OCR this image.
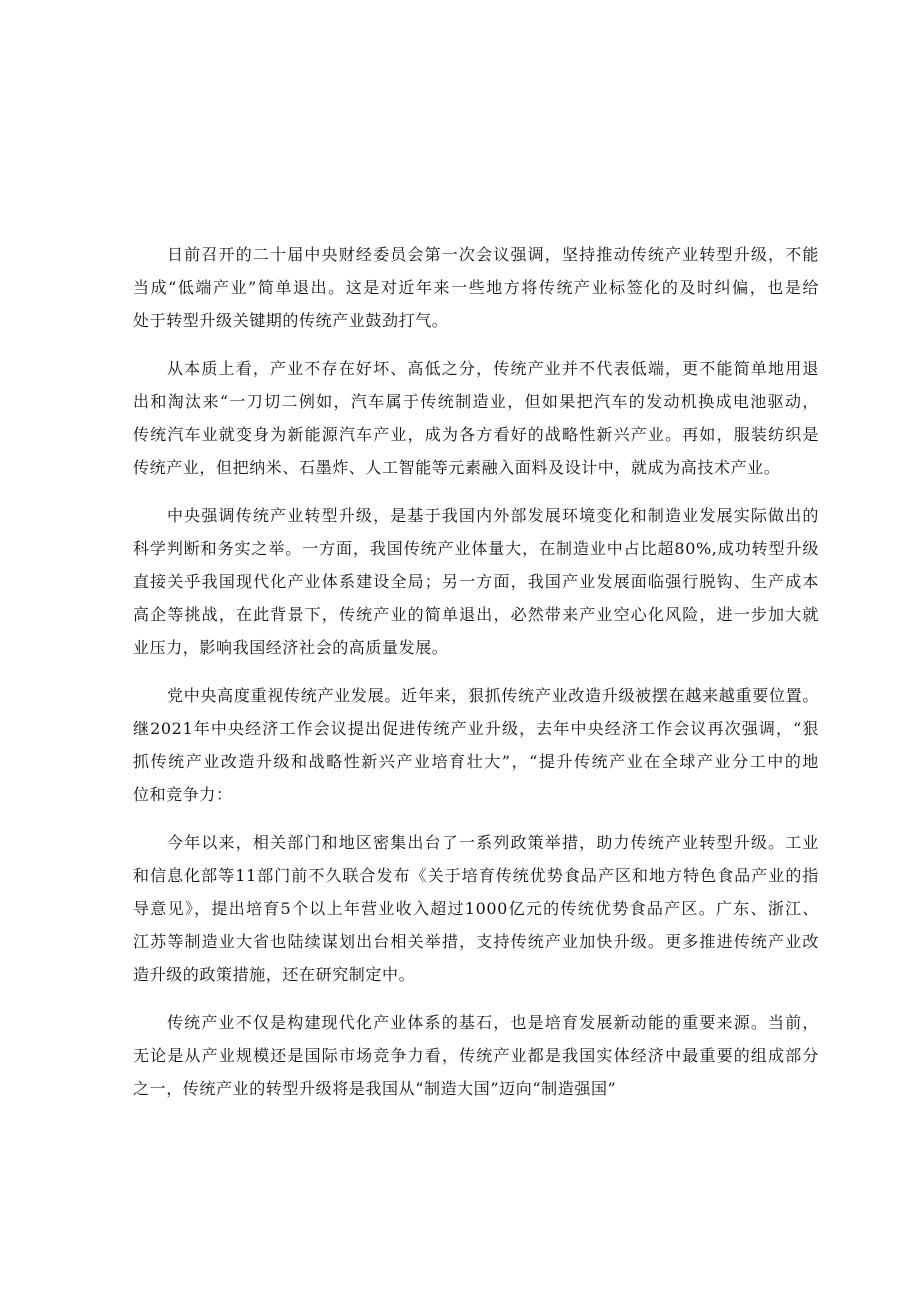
日前召开的二十届中央财经委员会第一次会议强调，坚持推动传统产业转型升级，不能
当成“低端产业”简单退出。这是对近年来一些地方将传统产业标签化的及时纠偏，也是给
处于转型升级关键期的传统产业鼓劲打气。
从本质上看，产业不存在好坏、高低之分，传统产业并不代表低端，更不能简单地用退
出和淘汰来“一刀切二例如，汽车属于传统制造业，但如果把汽车的发动机换成电池驱动，
传统汽车业就变身为新能源汽车产业，成为各方看好的战略性新兴产业。再如，服装纺织是
传统产业，但把纳米、石墨炸、人工智能等元素融入面料及设计中，就成为高技术产业。
中央强调传统产业转型升级，是基于我国内外部发展环境变化和制造业发展实际做出的
科学判断和务实之举。一方面，我国传统产业体量大，在制造业中占比超80%,成功转型升级
直接关乎我国现代化产业体系建设全局；另一方面，我国产业发展面临强行脱钩、生产成本
高企等挑战，在此背景下，传统产业的简单退出，必然带来产业空心化风险，进一步加大就
业压力，影响我国经济社会的高质量发展。
党中央高度重视传统产业发展。近年来，狠抓传统产业改造升级被摆在越来越重要位置。
继2021年中央经济工作会议提出促进传统产业升级，去年中央经济工作会议再次强调，“狠
抓传统产业改造升级和战略性新兴产业培育壮大”，“提升传统产业在全球产业分工中的地
位和竞争力：
今年以来，相关部门和地区密集出台了一系列政策举措，助力传统产业转型升级。工业
和信息化部等11部门前不久联合发布《关于培育传统优势食品产区和地方特色食品产业的指
导意见》，提出培育5个以上年营业收入超过1000亿元的传统优势食品产区。广东、浙江、
江苏等制造业大省也陆续谋划出台相关举措，支持传统产业加快升级。更多推进传统产业改
造升级的政策措施，还在研究制定中。
传统产业不仅是构建现代化产业体系的基石，也是培育发展新动能的重要来源。当前，
无论是从产业规模还是国际市场竞争力看，传统产业都是我国实体经济中最重要的组成部分
之一，传统产业的转型升级将是我国从“制造大国”迈向“制造强国”
